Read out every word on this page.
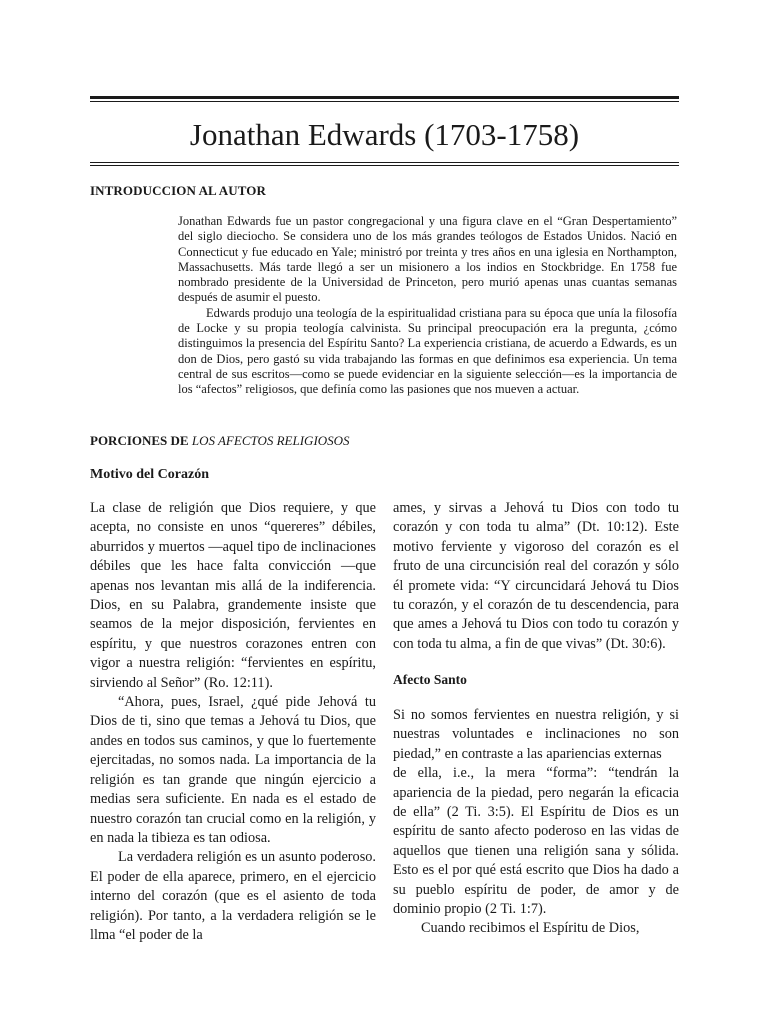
Jonathan Edwards (1703-1758)
INTRODUCCION AL AUTOR

Jonathan Edwards fue un pastor congregacional y una figura clave en el “Gran Despertamiento” del siglo dieciocho. Se considera uno de los más grandes teólogos de Estados Unidos. Nació en Connecticut y fue educado en Yale; ministró por treinta y tres años en una iglesia en Northampton, Massachusetts. Más tarde llegó a ser un misionero a los indios en Stockbridge. En 1758 fue nombrado presidente de la Universidad de Princeton, pero murió apenas unas cuantas semanas después de asumir el puesto.

Edwards produjo una teología de la espiritualidad cristiana para su época que unía la filosofía de Locke y su propia teología calvinista. Su principal preocupación era la pregunta, ¿cómo distinguimos la presencia del Espíritu Santo? La experiencia cristiana, de acuerdo a Edwards, es un don de Dios, pero gastó su vida trabajando las formas en que definimos esa experiencia. Un tema central de sus escritos—como se puede evidenciar en la siguiente selección—es la importancia de los “afectos” religiosos, que definía como las pasiones que nos mueven a actuar.

PORCIONES DE LOS AFECTOS RELIGIOSOS
Motivo del Corazón

La clase de religión que Dios requiere, y que acepta, no consiste en unos “quereres” débiles, aburridos y muertos —aquel tipo de inclinaciones débiles que les hace falta convicción —que apenas nos levantan mis allá de la indiferencia. Dios, en su Palabra, grandemente insiste que seamos de la mejor disposición, fervientes en espíritu, y que nuestros corazones entren con vigor a nuestra religión: “fervientes en espíritu, sirviendo al Señor” (Ro. 12:11).

“Ahora, pues, Israel, ¿qué pide Jehová tu Dios de ti, sino que temas a Jehová tu Dios, que andes en todos sus caminos, y que lo fuertemente ejercitadas, no somos nada. La importancia de la religión es tan grande que ningún ejercicio a medias sera suficiente. En nada es el estado de nuestro corazón tan crucial como en la religión, y en nada la tibieza es tan odiosa.

La verdadera religión es un asunto poderoso. El poder de ella aparece, primero, en el ejercicio interno del corazón (que es el asiento de toda religión). Por tanto, a la verdadera religión se le llma “el poder de la

ames, y sirvas a Jehová tu Dios con todo tu corazón y con toda tu alma” (Dt. 10:12). Este motivo ferviente y vigoroso del corazón es el fruto de una circuncisión real del corazón y sólo él promete vida: “Y circuncidará Jehová tu Dios tu corazón, y el corazón de tu descendencia, para que ames a Jehová tu Dios con todo tu corazón y con toda tu alma, a fin de que vivas” (Dt. 30:6).

Afecto Santo

Si no somos fervientes en nuestra religión, y si nuestras voluntades e inclinaciones no son piedad,” en contraste a las apariencias externas

de ella, i.e., la mera “forma”: “tendrán la apariencia de la piedad, pero negarán la eficacia de ella” (2 Ti. 3:5). El Espíritu de Dios es un espíritu de santo afecto poderoso en las vidas de aquellos que tienen una religión sana y sólida. Esto es el por qué está escrito que Dios ha dado a su pueblo espíritu de poder, de amor y de dominio propio (2 Ti. 1:7).

Cuando recibimos el Espíritu de Dios,
